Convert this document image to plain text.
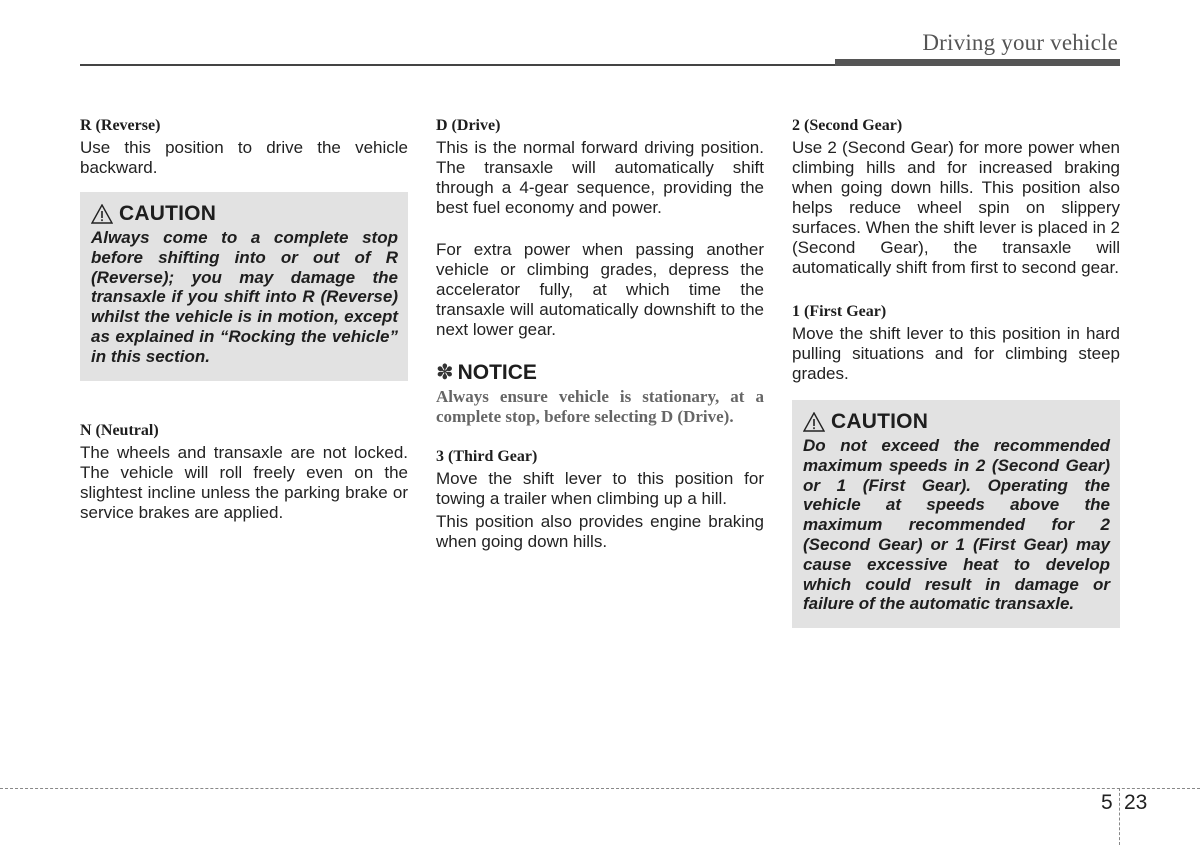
Driving your vehicle
R (Reverse)

Use this position to drive the vehicle backward.

CAUTION

Always come to a complete stop before shifting into or out of R (Reverse); you may damage the transaxle if you shift into R (Reverse) whilst the vehicle is in motion, except as explained in “Rocking the vehicle” in this section.

N (Neutral)

The wheels and transaxle are not locked. The vehicle will roll freely even on the slightest incline unless the parking brake or service brakes are applied.

D (Drive)

This is the normal forward driving position. The transaxle will automatically shift through a 4-gear sequence, providing the best fuel economy and power.

For extra power when passing another vehicle or climbing grades, depress the accelerator fully, at which time the transaxle will automatically downshift to the next lower gear.

✽ NOTICE

Always ensure vehicle is stationary, at a complete stop, before selecting D (Drive).

3 (Third Gear)

Move the shift lever to this position for towing a trailer when climbing up a hill.

This position also provides engine braking when going down hills.

2 (Second Gear)

Use 2 (Second Gear) for more power when climbing hills and for increased braking when going down hills. This position also helps reduce wheel spin on slippery surfaces. When the shift lever is placed in 2 (Second Gear), the transaxle will automatically shift from first to second gear.

1 (First Gear)

Move the shift lever to this position in hard pulling situations and for climbing steep grades.

CAUTION

Do not exceed the recommended maximum speeds in 2 (Second Gear) or 1 (First Gear). Operating the vehicle at speeds above the maximum recommended for 2 (Second Gear) or 1 (First Gear) may cause excessive heat to develop which could result in damage or failure of the automatic transaxle.

5 23
